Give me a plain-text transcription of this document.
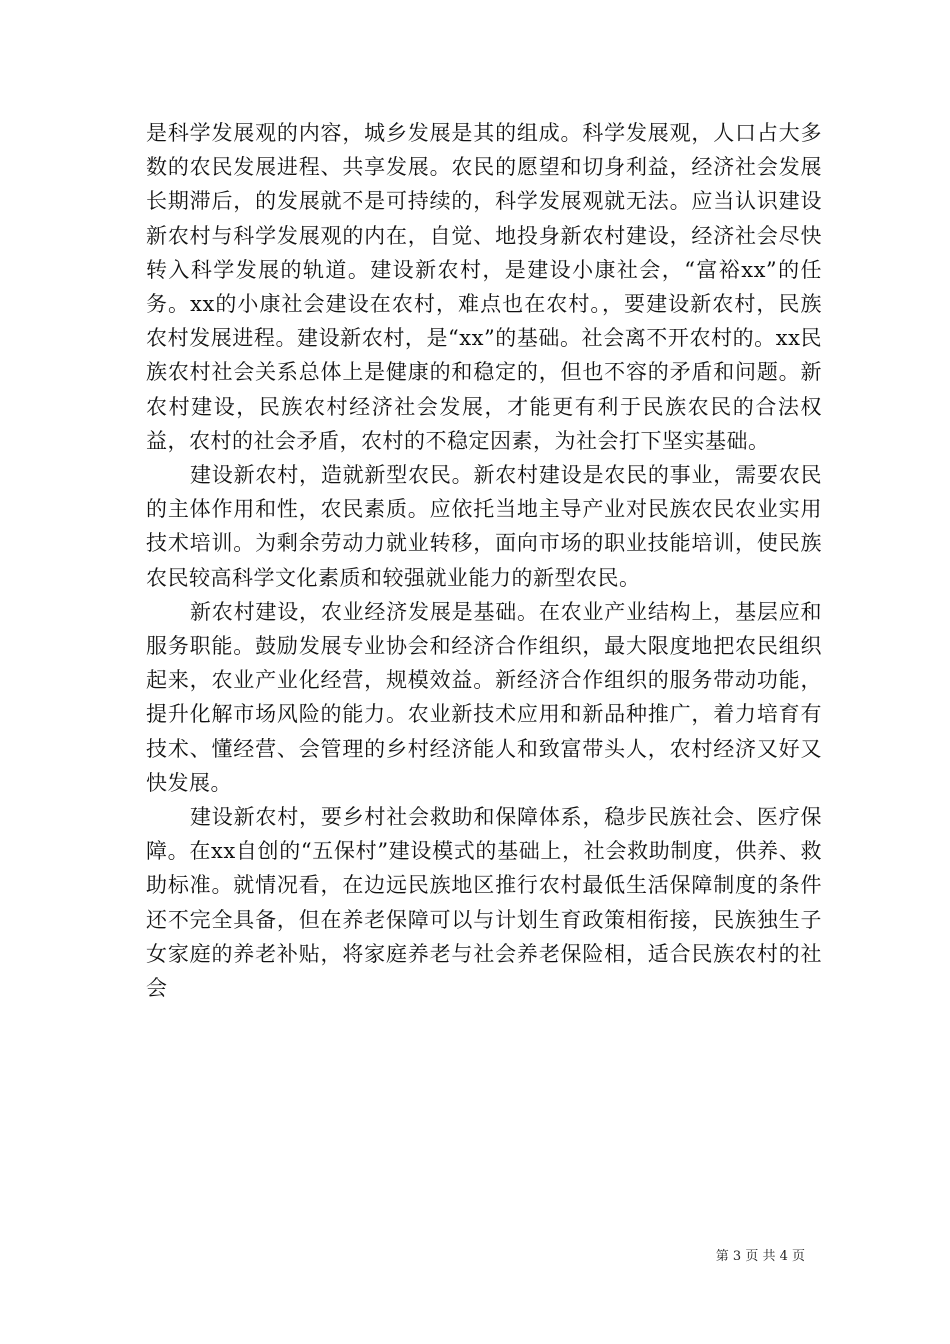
是科学发展观的内容，城乡发展是其的组成。科学发展观，人口占大多数的农民发展进程、共享发展。农民的愿望和切身利益，经济社会发展长期滞后，的发展就不是可持续的，科学发展观就无法。应当认识建设新农村与科学发展观的内在，自觉、地投身新农村建设，经济社会尽快转入科学发展的轨道。建设新农村，是建设小康社会，“富裕xx”的任务。xx的小康社会建设在农村，难点也在农村。，要建设新农村，民族农村发展进程。建设新农村，是“xx”的基础。社会离不开农村的。xx民族农村社会关系总体上是健康的和稳定的，但也不容的矛盾和问题。新农村建设，民族农村经济社会发展，才能更有利于民族农民的合法权益，农村的社会矛盾，农村的不稳定因素，为社会打下坚实基础。

建设新农村，造就新型农民。新农村建设是农民的事业，需要农民的主体作用和性，农民素质。应依托当地主导产业对民族农民农业实用技术培训。为剩余劳动力就业转移，面向市场的职业技能培训，使民族农民较高科学文化素质和较强就业能力的新型农民。

新农村建设，农业经济发展是基础。在农业产业结构上，基层应和服务职能。鼓励发展专业协会和经济合作组织，最大限度地把农民组织起来，农业产业化经营，规模效益。新经济合作组织的服务带动功能，提升化解市场风险的能力。农业新技术应用和新品种推广，着力培育有技术、懂经营、会管理的乡村经济能人和致富带头人，农村经济又好又快发展。

建设新农村，要乡村社会救助和保障体系，稳步民族社会、医疗保障。在xx自创的“五保村”建设模式的基础上，社会救助制度，供养、救助标准。就情况看，在边远民族地区推行农村最低生活保障制度的条件还不完全具备，但在养老保障可以与计划生育政策相衔接，民族独生子女家庭的养老补贴，将家庭养老与社会养老保险相，适合民族农村的社会

第 3 页 共 4 页
